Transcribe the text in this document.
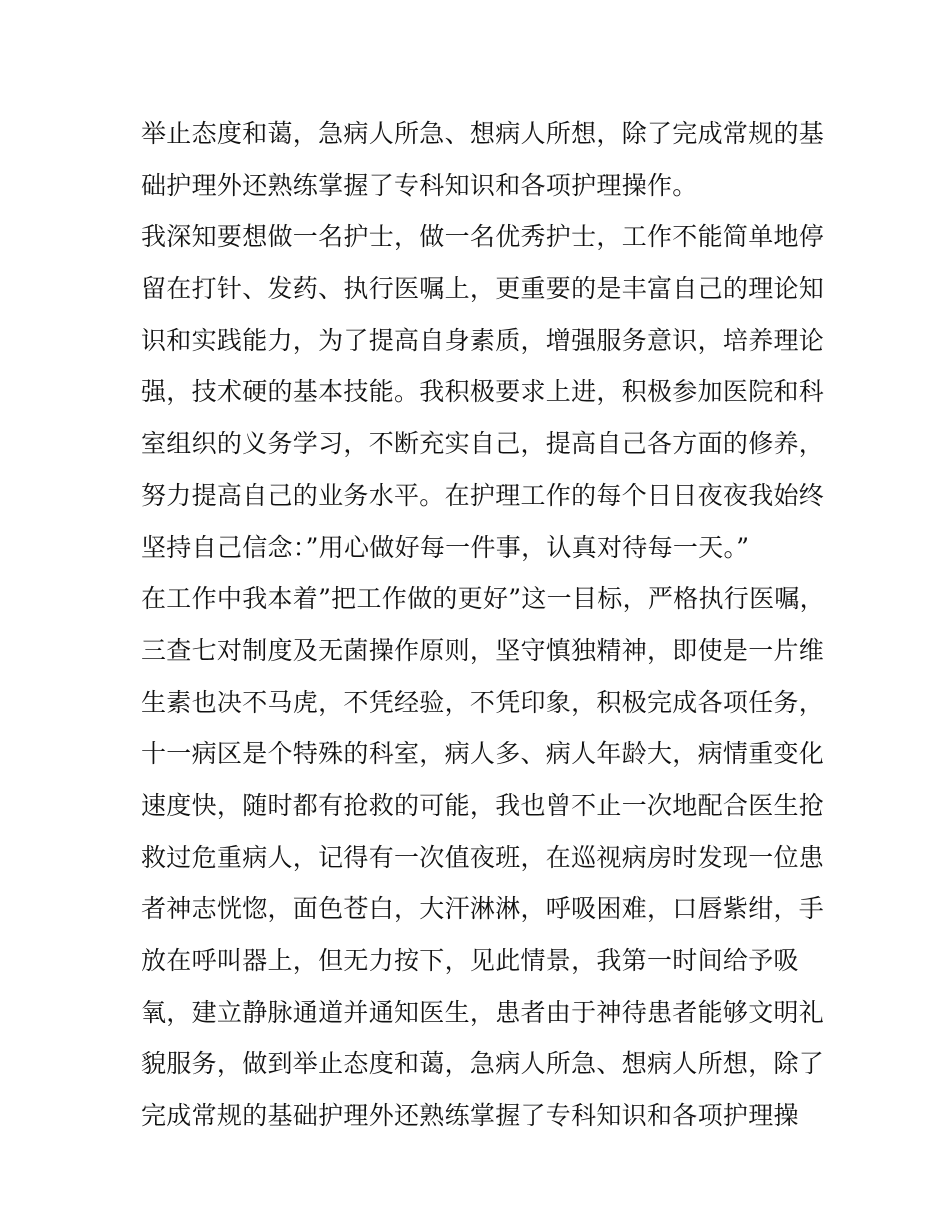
举止态度和蔼，急病人所急、想病人所想，除了完成常规的基
础护理外还熟练掌握了专科知识和各项护理操作。
我深知要想做一名护士，做一名优秀护士，工作不能简单地停
留在打针、发药、执行医嘱上，更重要的是丰富自己的理论知
识和实践能力，为了提高自身素质，增强服务意识，培养理论
强，技术硬的基本技能。我积极要求上进，积极参加医院和科
室组织的义务学习，不断充实自己，提高自己各方面的修养，
努力提高自己的业务水平。在护理工作的每个日日夜夜我始终
坚持自己信念：”用心做好每一件事，认真对待每一天。”
在工作中我本着”把工作做的更好”这一目标，严格执行医嘱，
三查七对制度及无菌操作原则，坚守慎独精神，即使是一片维
生素也决不马虎，不凭经验，不凭印象，积极完成各项任务，
十一病区是个特殊的科室，病人多、病人年龄大，病情重变化
速度快，随时都有抢救的可能，我也曾不止一次地配合医生抢
救过危重病人，记得有一次值夜班，在巡视病房时发现一位患
者神志恍惚，面色苍白，大汗淋淋，呼吸困难，口唇紫绀，手
放在呼叫器上，但无力按下，见此情景，我第一时间给予吸
氧，建立静脉通道并通知医生，患者由于神待患者能够文明礼
貌服务，做到举止态度和蔼，急病人所急、想病人所想，除了
完成常规的基础护理外还熟练掌握了专科知识和各项护理操
